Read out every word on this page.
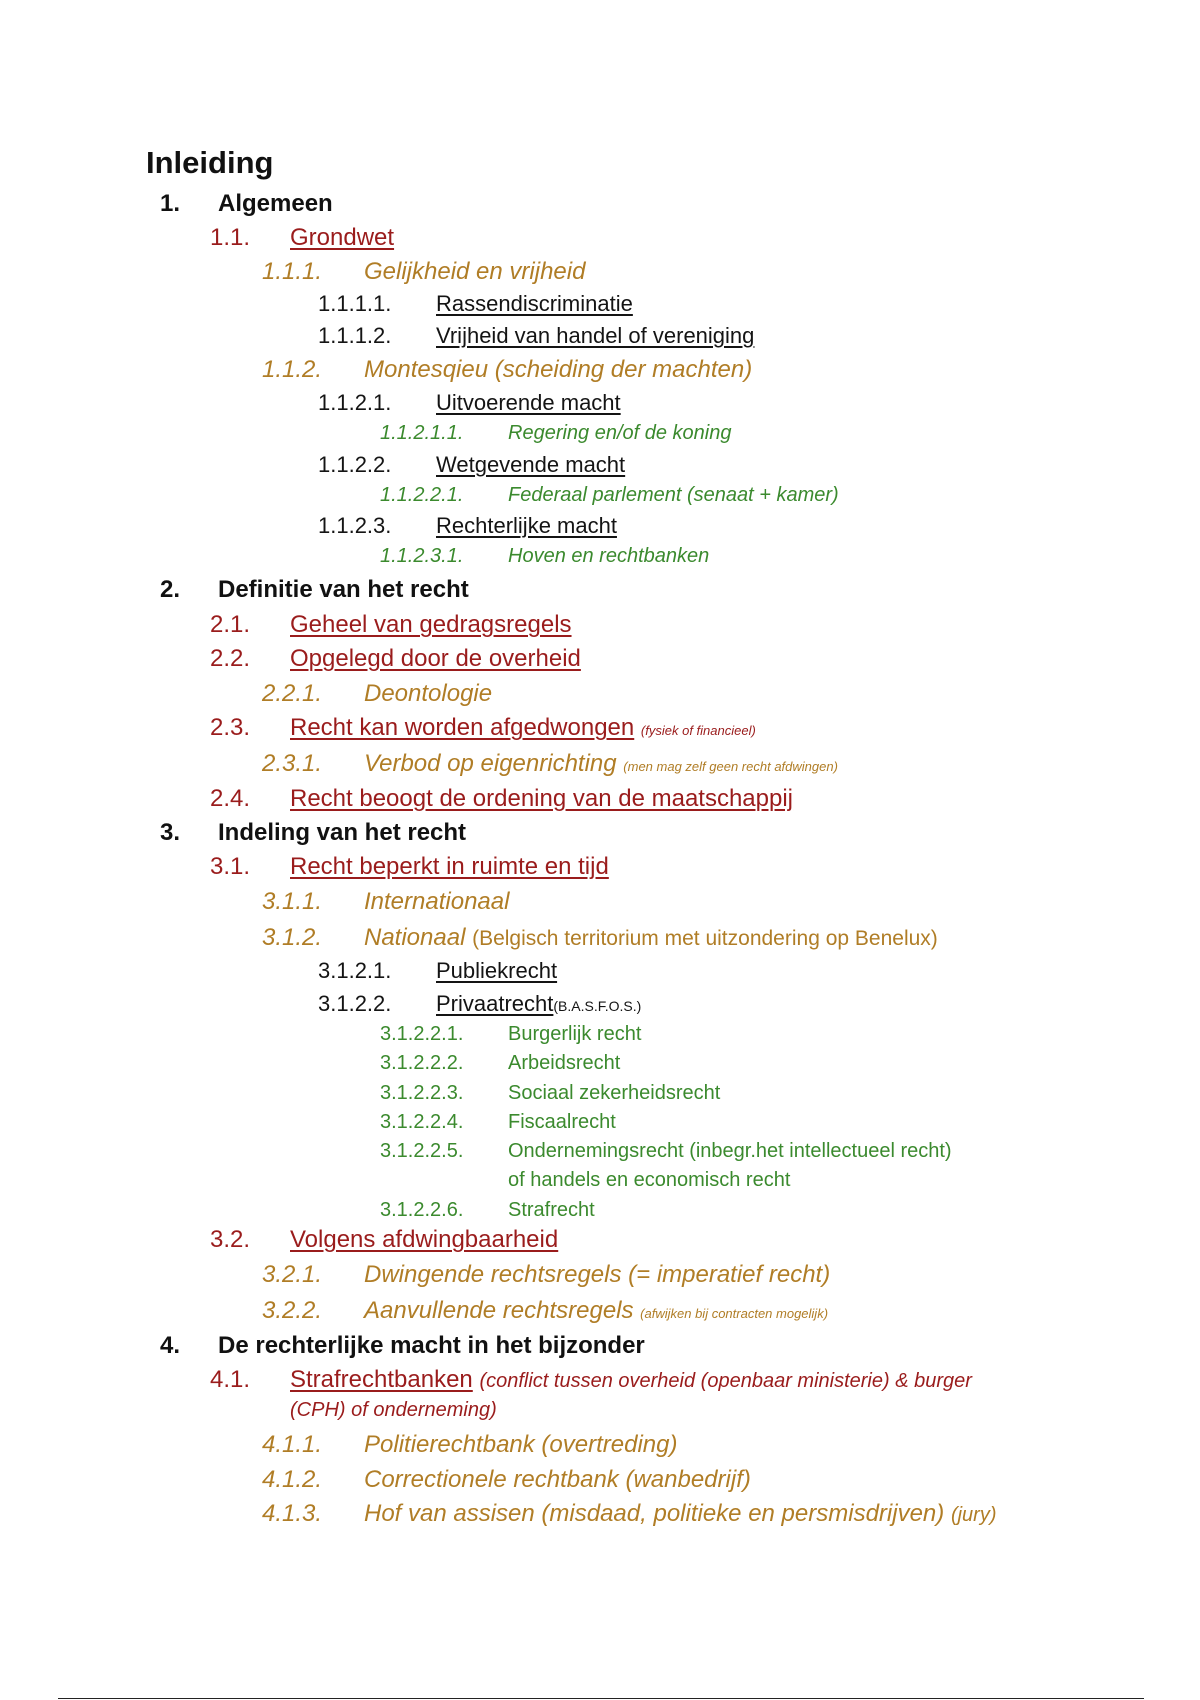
Inleiding
1. Algemeen
1.1. Grondwet
1.1.1. Gelijkheid en vrijheid
1.1.1.1. Rassendiscriminatie
1.1.1.2. Vrijheid van handel of vereniging
1.1.2. Montesqieu (scheiding der machten)
1.1.2.1. Uitvoerende macht
1.1.2.1.1. Regering en/of de koning
1.1.2.2. Wetgevende macht
1.1.2.2.1. Federaal parlement (senaat + kamer)
1.1.2.3. Rechterlijke macht
1.1.2.3.1. Hoven en rechtbanken
2. Definitie van het recht
2.1. Geheel van gedragsregels
2.2. Opgelegd door de overheid
2.2.1. Deontologie
2.3. Recht kan worden afgedwongen (fysiek of financieel)
2.3.1. Verbod op eigenrichting (men mag zelf geen recht afdwingen)
2.4. Recht beoogt de ordening van de maatschappij
3. Indeling van het recht
3.1. Recht beperkt in ruimte en tijd
3.1.1. Internationaal
3.1.2. Nationaal (Belgisch territorium met uitzondering op Benelux)
3.1.2.1. Publiekrecht
3.1.2.2. Privaatrecht(B.A.S.F.O.S.)
3.1.2.2.1. Burgerlijk recht
3.1.2.2.2. Arbeidsrecht
3.1.2.2.3. Sociaal zekerheidsrecht
3.1.2.2.4. Fiscaalrecht
3.1.2.2.5. Ondernemingsrecht (inbegr.het intellectueel recht)
of handels en economisch recht
3.1.2.2.6. Strafrecht
3.2. Volgens afdwingbaarheid
3.2.1. Dwingende rechtsregels (= imperatief recht)
3.2.2. Aanvullende rechtsregels (afwijken bij contracten mogelijk)
4. De rechterlijke macht in het bijzonder
4.1. Strafrechtbanken (conflict tussen overheid (openbaar ministerie) & burger
(CPH) of onderneming)
4.1.1. Politierechtbank (overtreding)
4.1.2. Correctionele rechtbank (wanbedrijf)
4.1.3. Hof van assisen (misdaad, politieke en persmisdrijven) (jury)
